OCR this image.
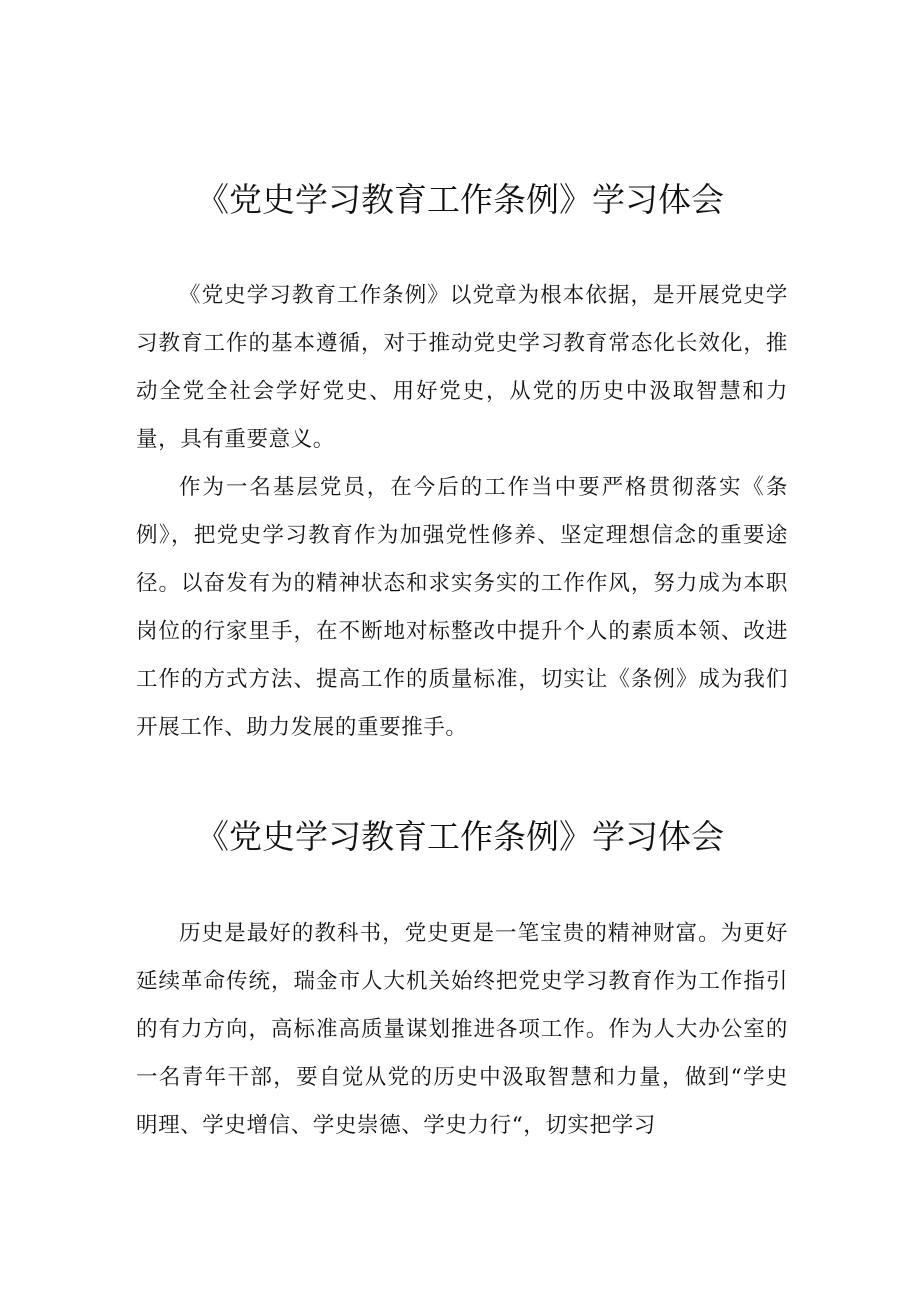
《党史学习教育工作条例》学习体会

《党史学习教育工作条例》以党章为根本依据，是开展党史学习教育工作的基本遵循，对于推动党史学习教育常态化长效化，推动全党全社会学好党史、用好党史，从党的历史中汲取智慧和力量，具有重要意义。

作为一名基层党员，在今后的工作当中要严格贯彻落实《条例》，把党史学习教育作为加强党性修养、坚定理想信念的重要途径。以奋发有为的精神状态和求实务实的工作作风，努力成为本职岗位的行家里手，在不断地对标整改中提升个人的素质本领、改进工作的方式方法、提高工作的质量标准，切实让《条例》成为我们开展工作、助力发展的重要推手。

《党史学习教育工作条例》学习体会

历史是最好的教科书，党史更是一笔宝贵的精神财富。为更好延续革命传统，瑞金市人大机关始终把党史学习教育作为工作指引的有力方向，高标准高质量谋划推进各项工作。作为人大办公室的一名青年干部，要自觉从党的历史中汲取智慧和力量，做到“学史明理、学史增信、学史崇德、学史力行“，切实把学习
